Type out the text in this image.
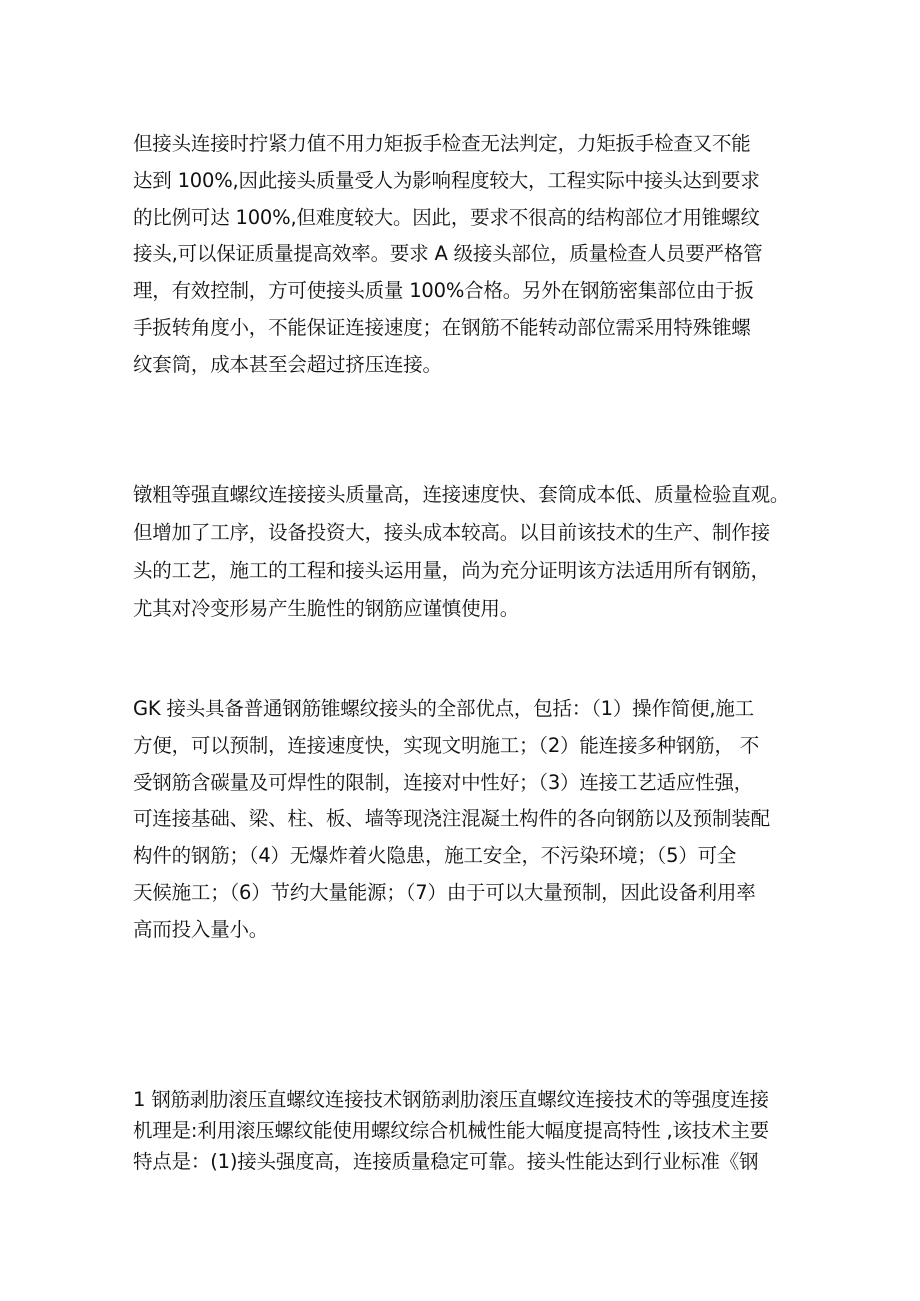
但接头连接时拧紧力值不用力矩扳手检查无法判定，力矩扳手检查又不能
达到 100%,因此接头质量受人为影响程度较大，工程实际中接头达到要求
的比例可达 100%,但难度较大。因此，要求不很高的结构部位才用锥螺纹
接头,可以保证质量提高效率。要求 A 级接头部位，质量检查人员要严格管
理，有效控制，方可使接头质量 100%合格。另外在钢筋密集部位由于扳
手扳转角度小，不能保证连接速度；在钢筋不能转动部位需采用特殊锥螺
纹套筒，成本甚至会超过挤压连接。
镦粗等强直螺纹连接接头质量高，连接速度快、套筒成本低、质量检验直观。
但增加了工序，设备投资大，接头成本较高。以目前该技术的生产、制作接
头的工艺，施工的工程和接头运用量，尚为充分证明该方法适用所有钢筋，
尤其对冷变形易产生脆性的钢筋应谨慎使用。
GK 接头具备普通钢筋锥螺纹接头的全部优点，包括：（1）操作简便,施工
方便，可以预制，连接速度快，实现文明施工；（2）能连接多种钢筋， 不
受钢筋含碳量及可焊性的限制，连接对中性好；（3）连接工艺适应性强，
可连接基础、梁、柱、板、墙等现浇注混凝土构件的各向钢筋以及预制装配
构件的钢筋；（4）无爆炸着火隐患，施工安全，不污染环境；（5）可全
天候施工；（6）节约大量能源；（7）由于可以大量预制，因此设备利用率
高而投入量小。
1 钢筋剥肋滚压直螺纹连接技术钢筋剥肋滚压直螺纹连接技术的等强度连接
机理是:利用滚压螺纹能使用螺纹综合机械性能大幅度提高特性 ,该技术主要
特点是：(1)接头强度高，连接质量稳定可靠。接头性能达到行业标准《钢
